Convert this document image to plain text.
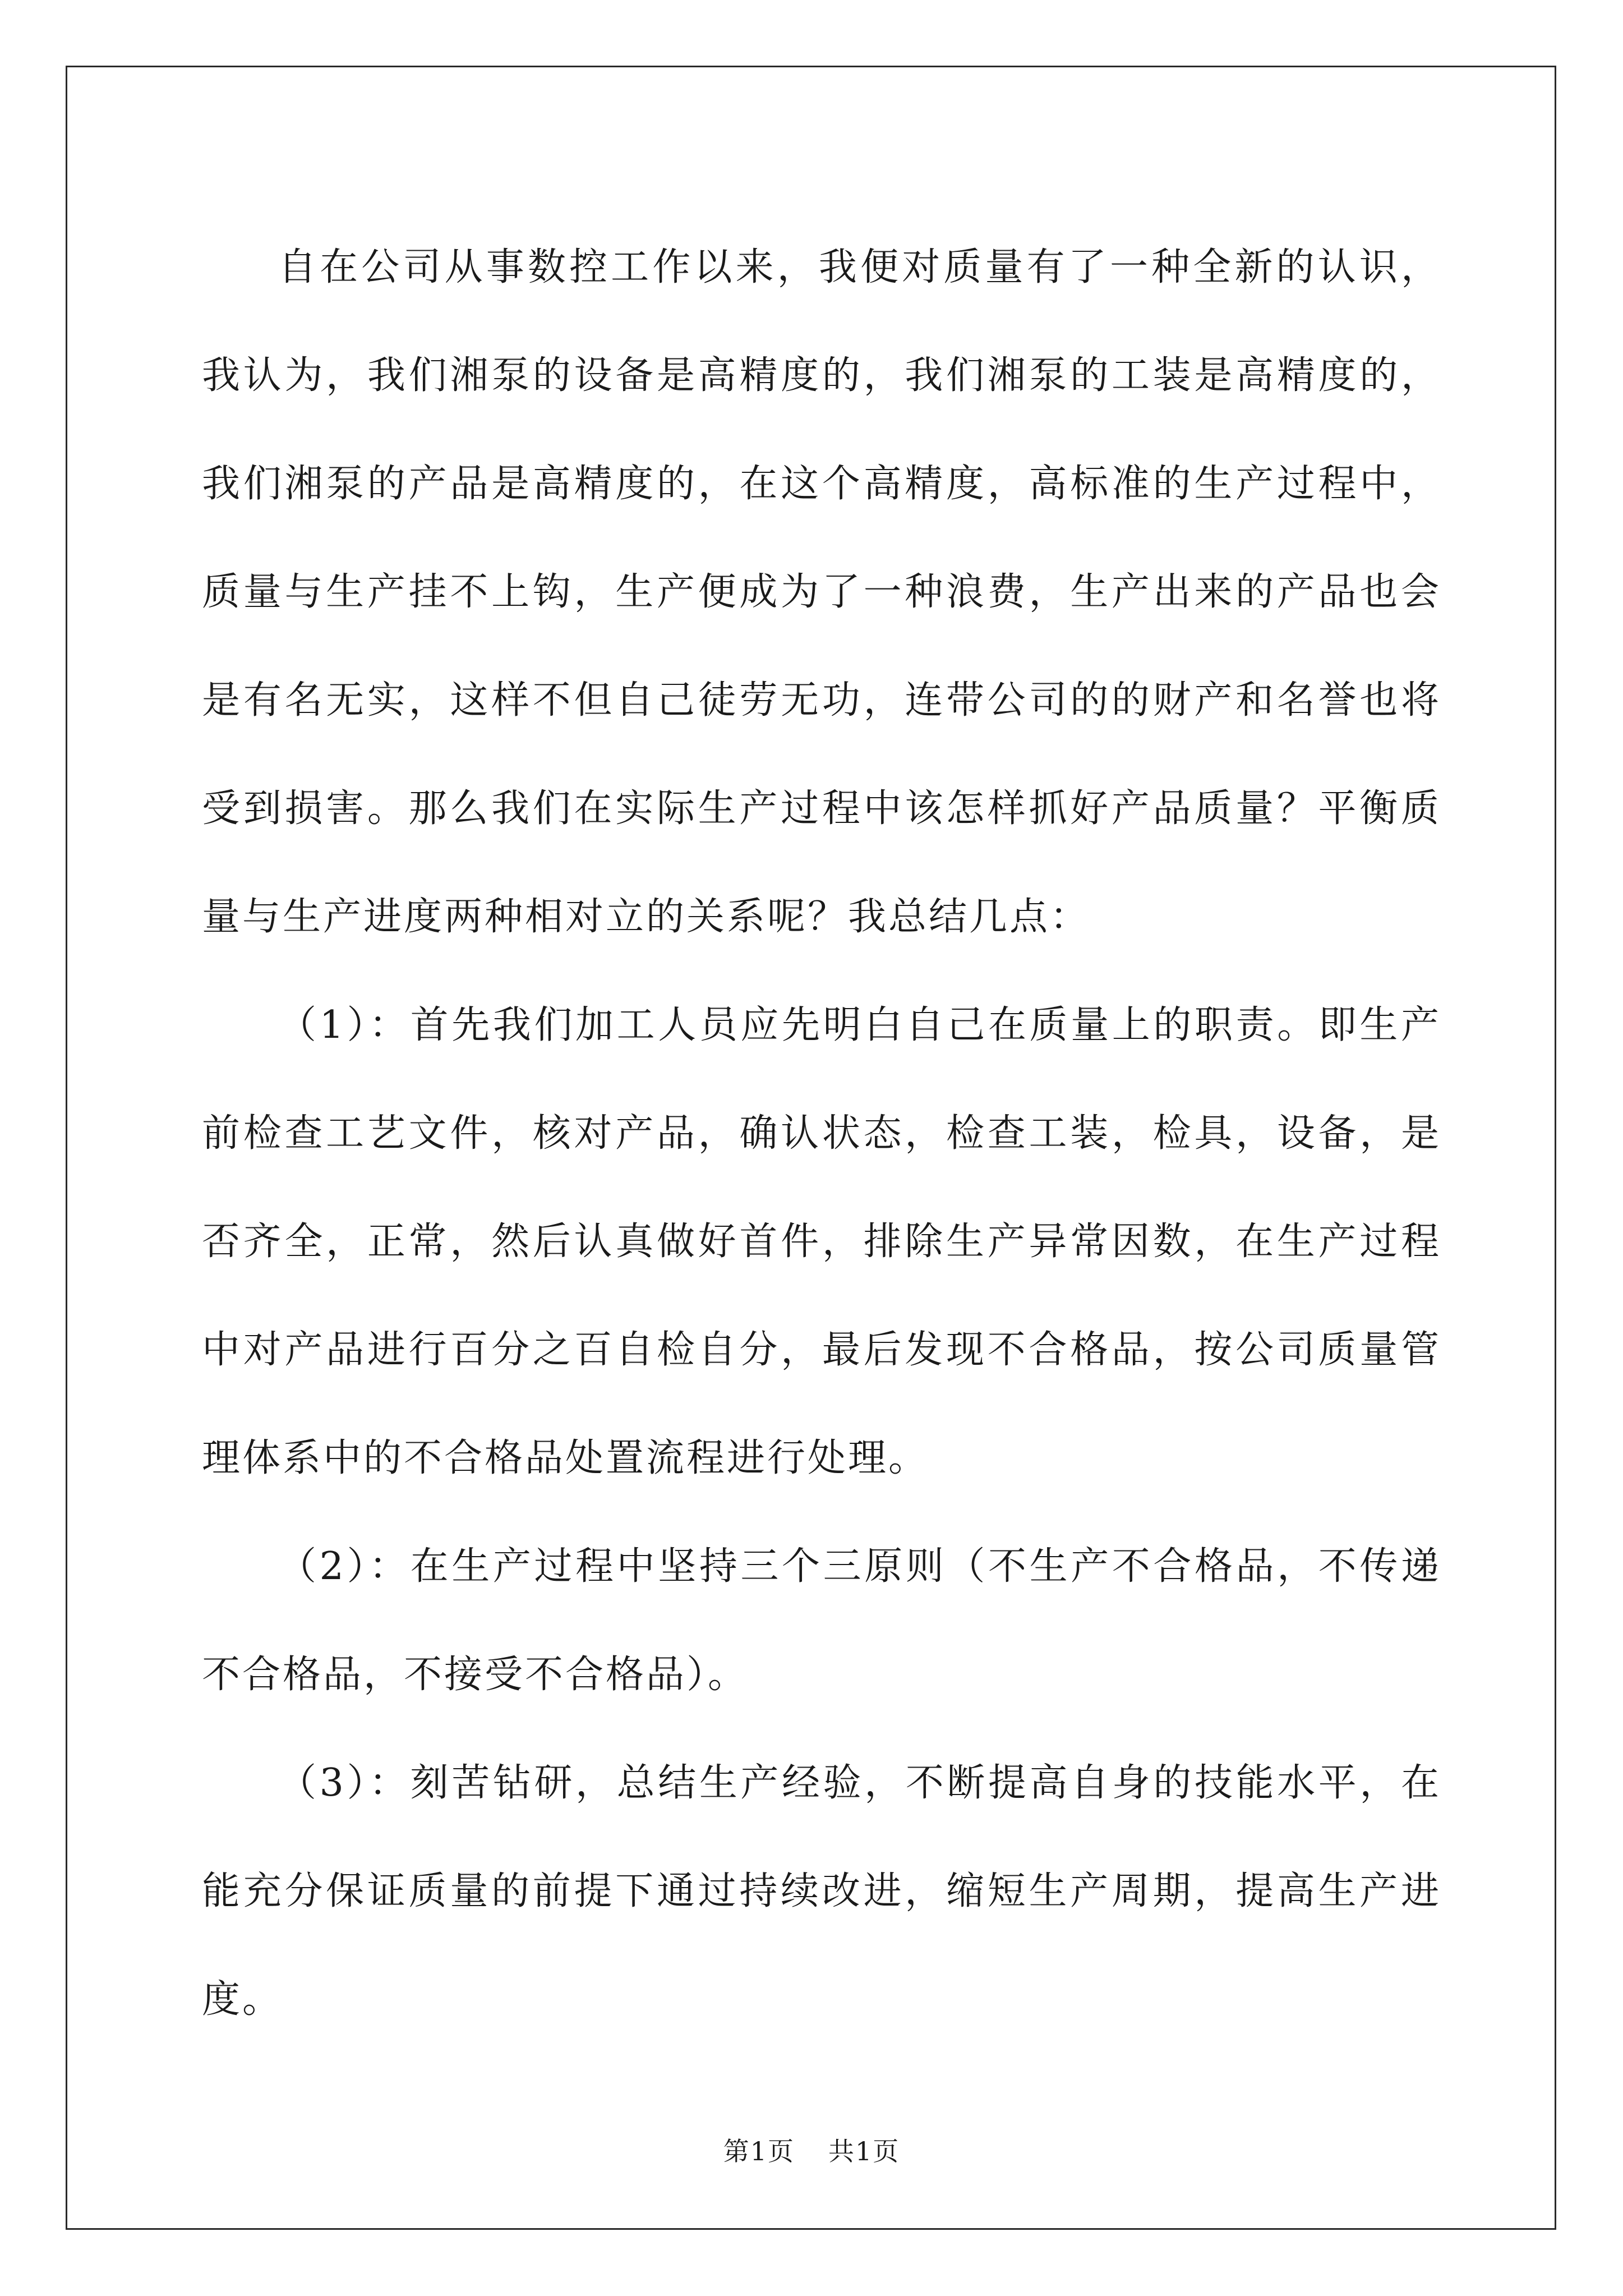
自在公司从事数控工作以来，我便对质量有了一种全新的认识，我认为，我们湘泵的设备是高精度的，我们湘泵的工装是高精度的，我们湘泵的产品是高精度的，在这个高精度，高标准的生产过程中，质量与生产挂不上钩，生产便成为了一种浪费，生产出来的产品也会是有名无实，这样不但自己徒劳无功，连带公司的的财产和名誉也将受到损害。那么我们在实际生产过程中该怎样抓好产品质量？平衡质量与生产进度两种相对立的关系呢？我总结几点：

（1）：首先我们加工人员应先明白自己在质量上的职责。即生产前检查工艺文件，核对产品，确认状态，检查工装，检具，设备，是否齐全，正常，然后认真做好首件，排除生产异常因数，在生产过程中对产品进行百分之百自检自分，最后发现不合格品，按公司质量管理体系中的不合格品处置流程进行处理。

（2）：在生产过程中坚持三个三原则（不生产不合格品，不传递不合格品，不接受不合格品）。

（3）：刻苦钻研，总结生产经验，不断提高自身的技能水平，在能充分保证质量的前提下通过持续改进，缩短生产周期，提高生产进度。

第1页 共1页
